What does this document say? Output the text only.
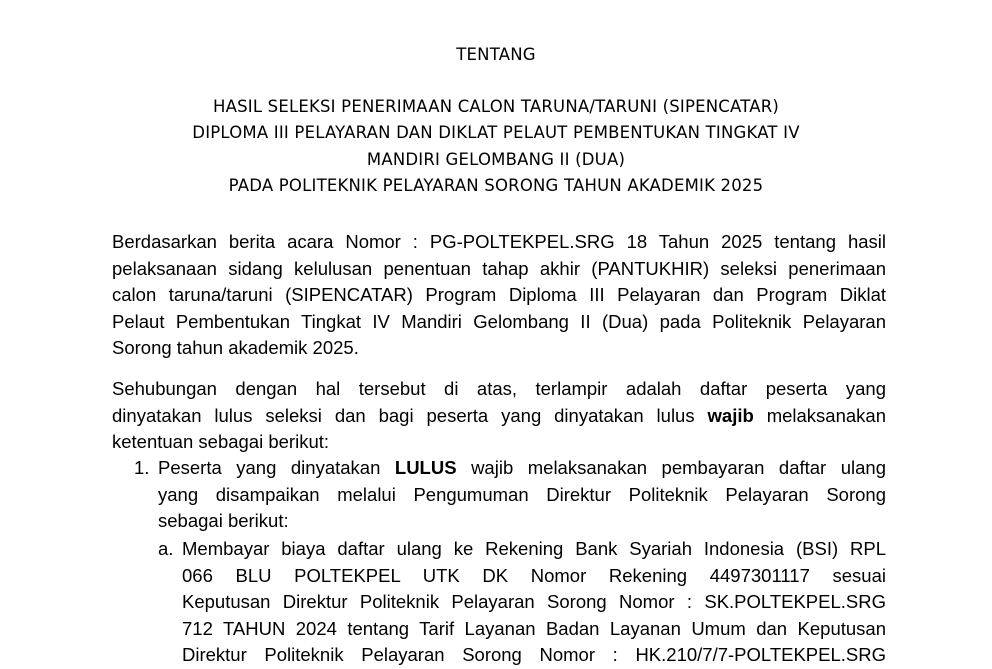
TENTANG
HASIL SELEKSI PENERIMAAN CALON TARUNA/TARUNI (SIPENCATAR)
DIPLOMA III PELAYARAN DAN DIKLAT PELAUT PEMBENTUKAN TINGKAT IV
MANDIRI GELOMBANG II (DUA)
PADA POLITEKNIK PELAYARAN SORONG TAHUN AKADEMIK 2025
Berdasarkan berita acara Nomor : PG-POLTEKPEL.SRG 18 Tahun 2025 tentang hasil
pelaksanaan sidang kelulusan penentuan tahap akhir (PANTUKHIR) seleksi penerimaan
calon taruna/taruni (SIPENCATAR) Program Diploma III Pelayaran dan Program Diklat
Pelaut Pembentukan Tingkat IV Mandiri Gelombang II (Dua) pada Politeknik Pelayaran
Sorong tahun akademik 2025.
Sehubungan dengan hal tersebut di atas, terlampir adalah daftar peserta yang
dinyatakan lulus seleksi dan bagi peserta yang dinyatakan lulus wajib melaksanakan
ketentuan sebagai berikut:
1. Peserta yang dinyatakan LULUS wajib melaksanakan pembayaran daftar ulang
yang disampaikan melalui Pengumuman Direktur Politeknik Pelayaran Sorong
sebagai berikut:
a. Membayar biaya daftar ulang ke Rekening Bank Syariah Indonesia (BSI) RPL
066 BLU POLTEKPEL UTK DK Nomor Rekening 4497301117 sesuai
Keputusan Direktur Politeknik Pelayaran Sorong Nomor : SK.POLTEKPEL.SRG
712 TAHUN 2024 tentang Tarif Layanan Badan Layanan Umum dan Keputusan
Direktur Politeknik Pelayaran Sorong Nomor : HK.210/7/7-POLTEKPEL.SRG
